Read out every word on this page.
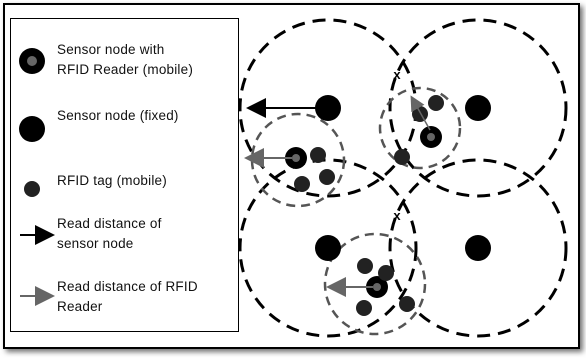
x
x
Sensor node with
RFID Reader (mobile)
Sensor node (fixed)
RFID tag (mobile)
Read distance of
sensor node
Read distance of RFID
Reader
